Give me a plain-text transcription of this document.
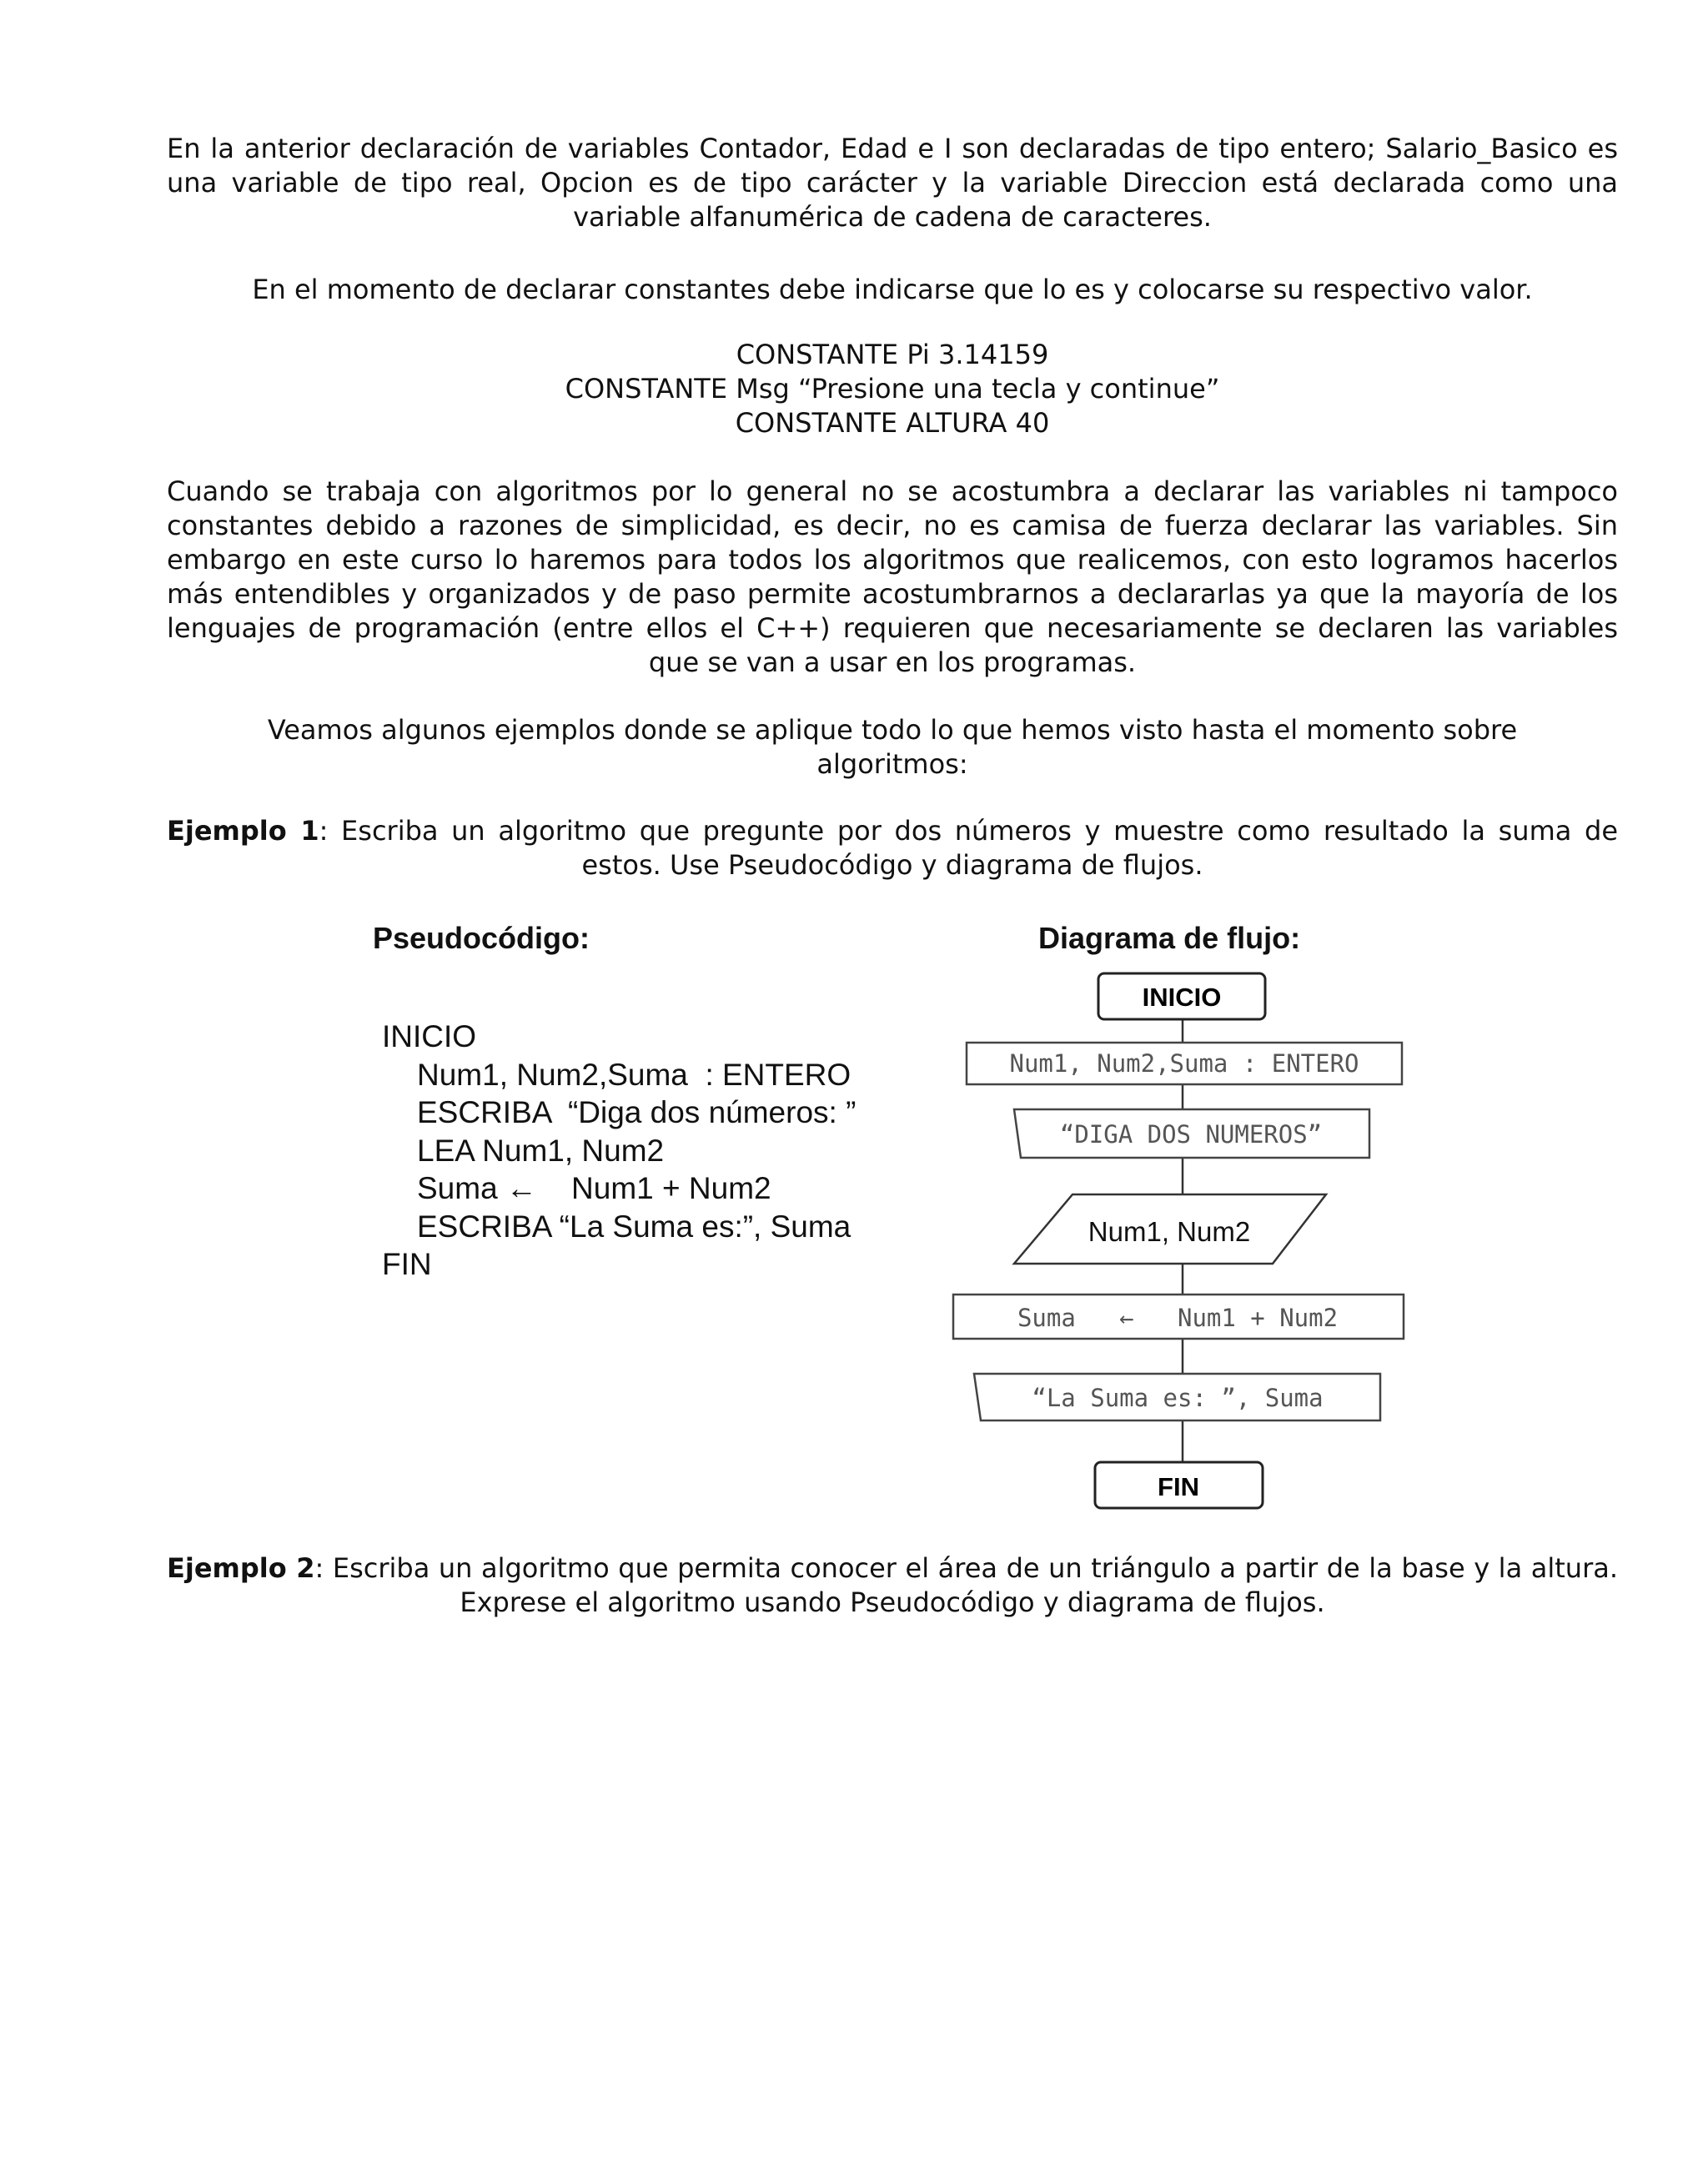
En la anterior declaración de variables Contador, Edad e I son declaradas de tipo entero; Salario_Basico es una variable de tipo real, Opcion es de tipo carácter y la variable Direccion está declarada como una variable alfanumérica de cadena de caracteres.

En el momento de declarar constantes debe indicarse que lo es y colocarse su respectivo valor.

CONSTANTE Pi 3.14159
CONSTANTE Msg “Presione una tecla y continue”
CONSTANTE ALTURA 40

Cuando se trabaja con algoritmos por lo general no se acostumbra a declarar las variables ni tampoco constantes debido a razones de simplicidad, es decir, no es camisa de fuerza declarar las variables. Sin embargo en este curso lo haremos para todos los algoritmos que realicemos, con esto logramos hacerlos más entendibles y organizados y de paso permite acostumbrarnos a declararlas ya que la mayoría de los lenguajes de programación (entre ellos el C++) requieren que necesariamente se declaren las variables que se van a usar en los programas.

Veamos algunos ejemplos donde se aplique todo lo que hemos visto hasta el momento sobre algoritmos:

Ejemplo 1: Escriba un algoritmo que pregunte por dos números y muestre como resultado la suma de estos. Use Pseudocódigo y diagrama de flujos.

Pseudocódigo:
INICIO
Num1, Num2,Suma  : ENTERO
ESCRIBA  “Diga dos números: ”
LEA Num1, Num2
Suma ←    Num1 + Num2
ESCRIBA “La Suma es:”, Suma
FIN
Diagrama de flujo:
INICIO
Num1, Num2,Suma : ENTERO
“DIGA DOS NUMEROS”
Num1, Num2
Suma   ←   Num1 + Num2
“La Suma es: ”, Suma
FIN

Ejemplo 2: Escriba un algoritmo que permita conocer el área de un triángulo a partir de la base y la altura. Exprese el algoritmo usando Pseudocódigo y diagrama de flujos.
